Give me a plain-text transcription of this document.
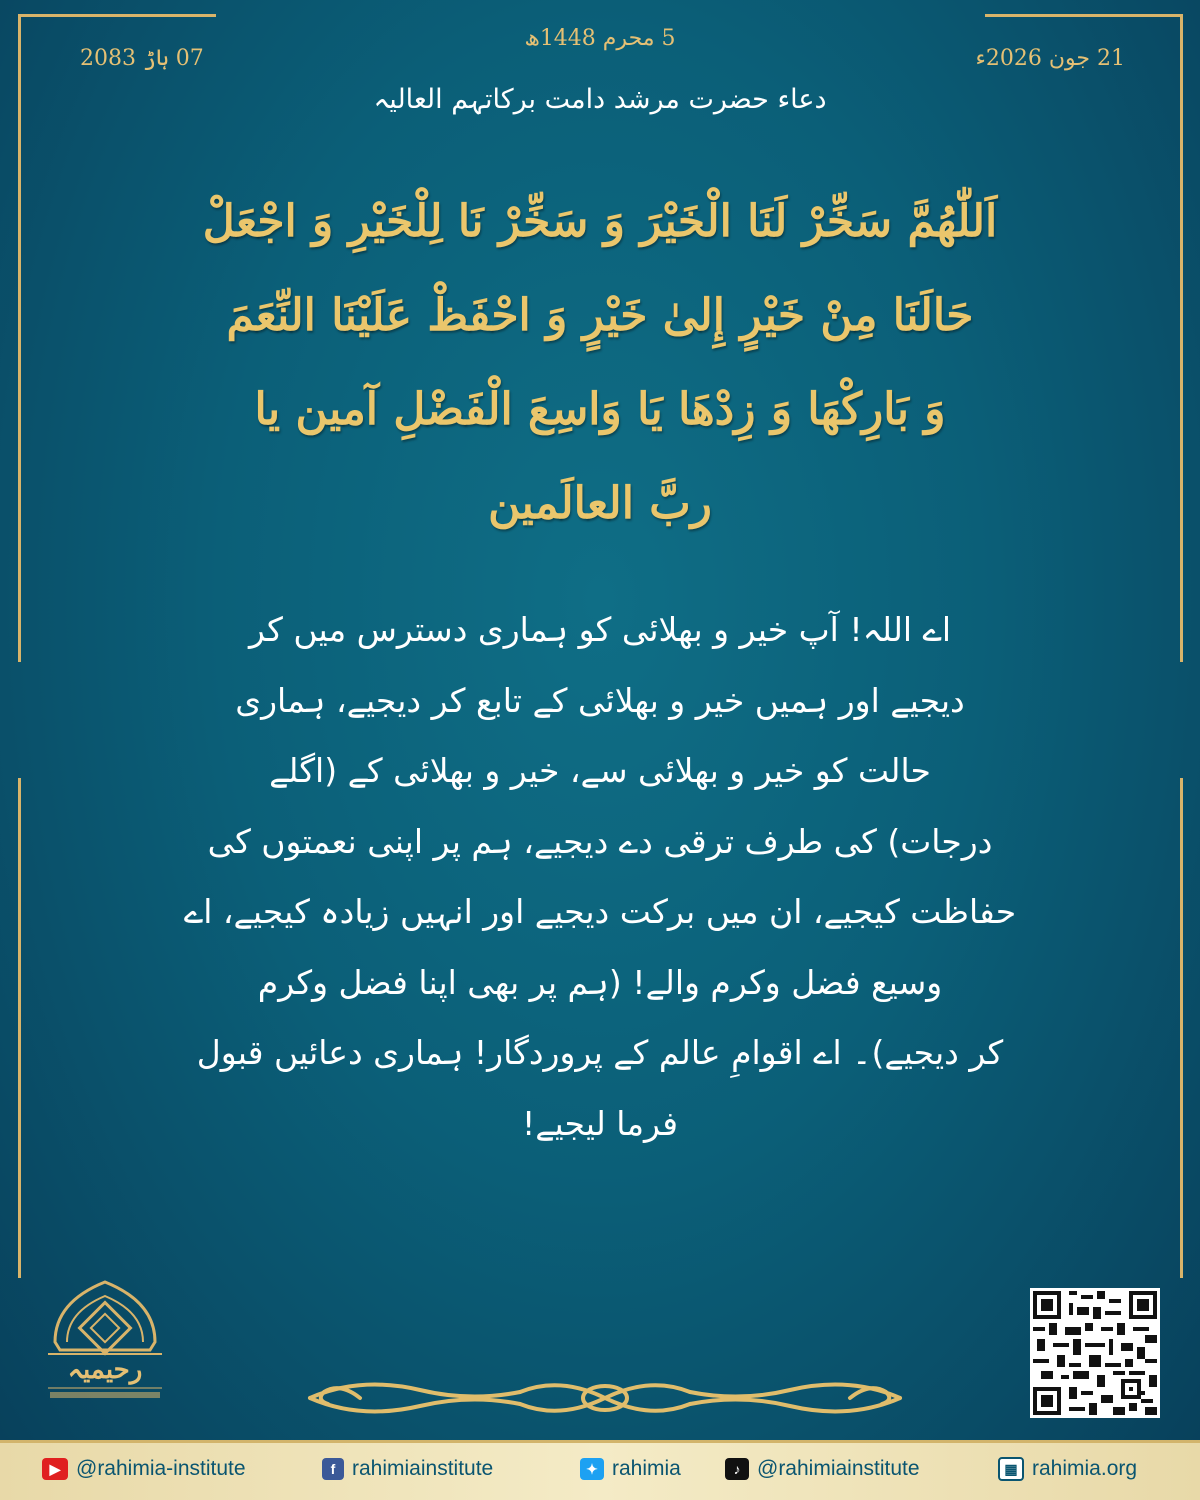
5 محرم 1448ھ
07 ہاڑ 2083	21 جون 2026ء
دعاء حضرت مرشد دامت برکاتہم العالیہ
اَللّٰهُمَّ سَخِّرْ لَنَا الْخَيْرَ وَ سَخِّرْ نَا لِلْخَيْرِ وَ اجْعَلْ
حَالَنَا مِنْ خَيْرٍ إِلىٰ خَيْرٍ وَ احْفَظْ عَلَيْنَا النِّعَمَ
وَ بَارِكْهَا وَ زِدْهَا يَا وَاسِعَ الْفَضْلِ آمين يا
ربَّ العالَمين
اے اللہ! آپ خیر و بھلائی کو ہماری دسترس میں کر
دیجیے اور ہمیں خیر و بھلائی کے تابع کر دیجیے، ہماری
حالت کو خیر و بھلائی سے، خیر و بھلائی کے (اگلے
درجات) کی طرف ترقی دے دیجیے، ہم پر اپنی نعمتوں کی
حفاظت کیجیے، ان میں برکت دیجیے اور انہیں زیادہ کیجیے، اے
وسیع فضل وکرم والے! (ہم پر بھی اپنا فضل وکرم
کر دیجیے)۔ اے اقوامِ عالم کے پروردگار! ہماری دعائیں قبول
فرما لیجیے!
رحیمیہ
▶ @rahimia-institute	f rahimiainstitute	✦ rahimia	♪ @rahimiainstitute	▦ rahimia.org
